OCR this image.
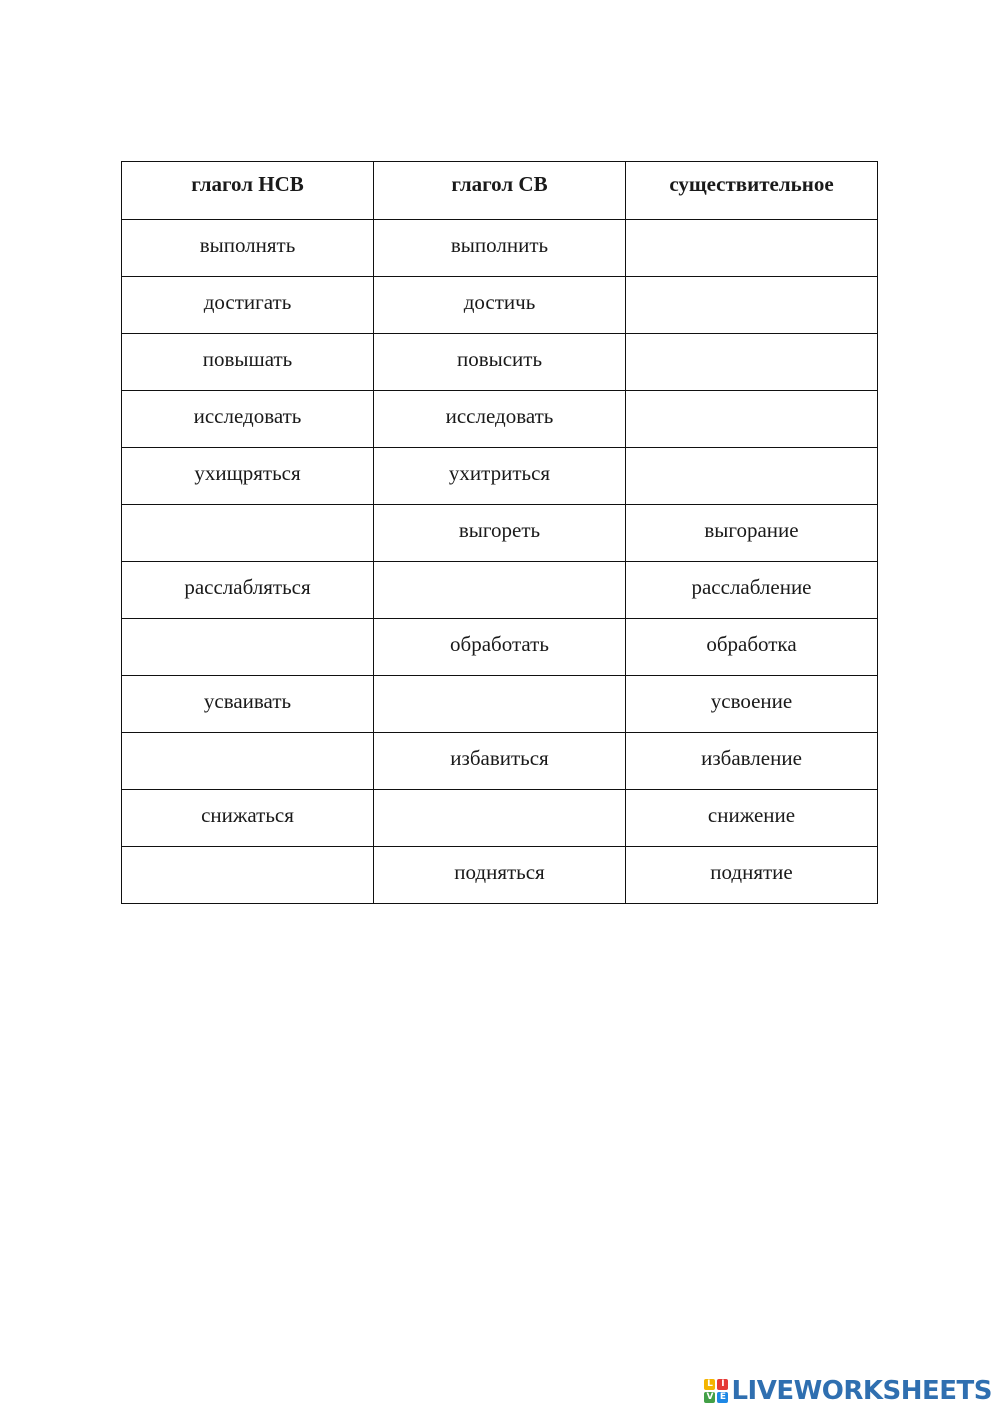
глагол НСВ	глагол СВ	существительное
выполнять	выполнить	
достигать	достичь	
повышать	повысить	
исследовать	исследовать	
ухищряться	ухитриться	
	выгореть	выгорание
расслабляться		расслабление
	обработать	обработка
усваивать		усвоение
	избавиться	избавление
снижаться		снижение
	подняться	поднятие
L I
V E LIVEWORKSHEETS
